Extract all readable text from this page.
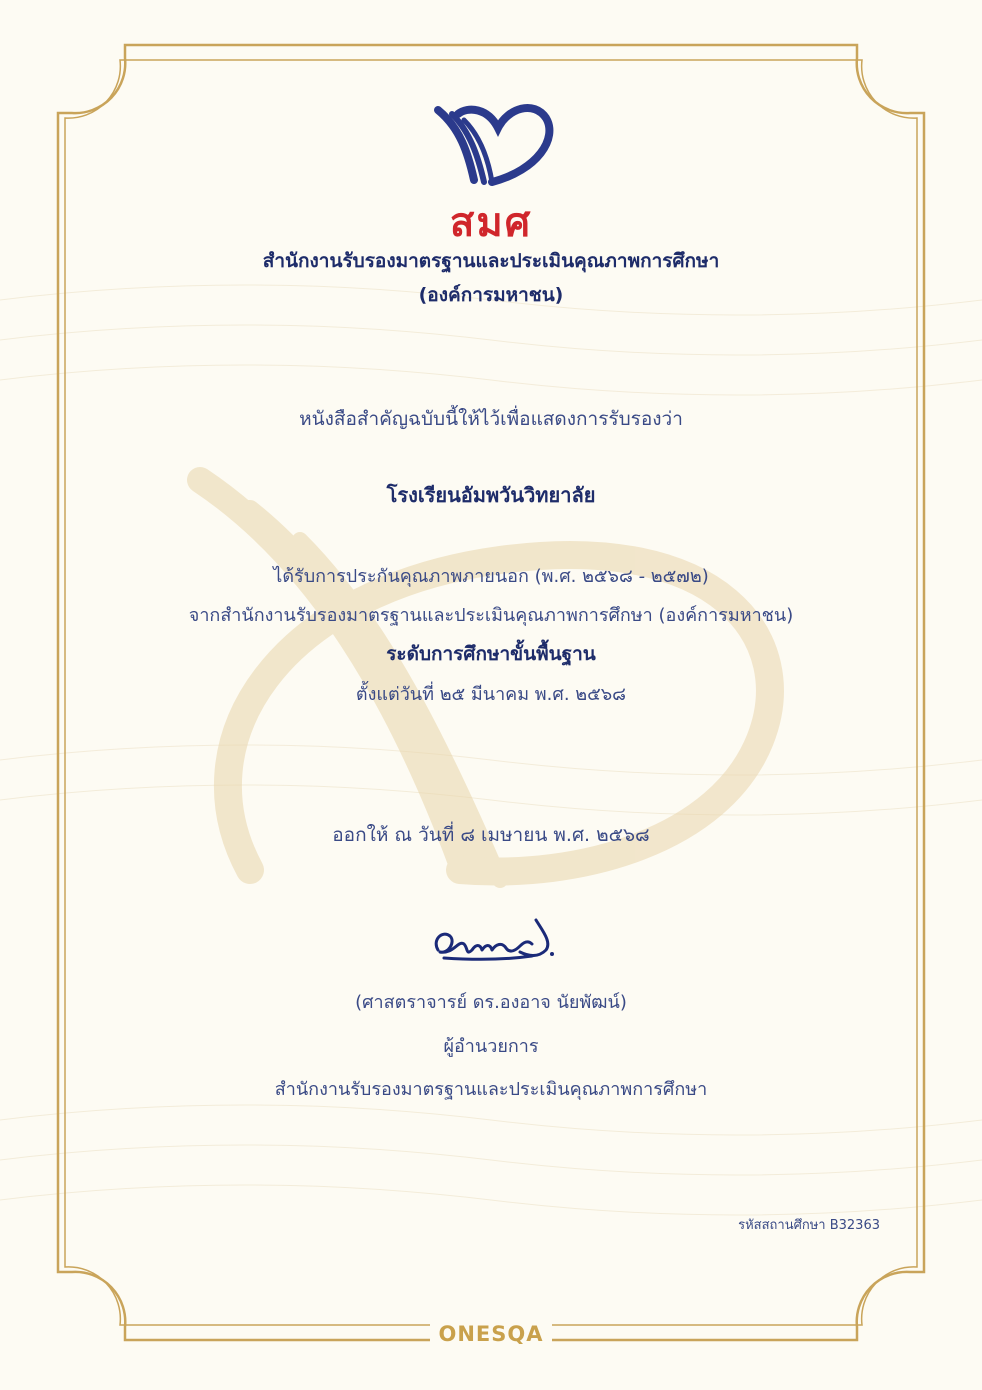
สมศ
สำนักงานรับรองมาตรฐานและประเมินคุณภาพการศึกษา
(องค์การมหาชน)
หนังสือสำคัญฉบับนี้ให้ไว้เพื่อแสดงการรับรองว่า
โรงเรียนอัมพวันวิทยาลัย
ได้รับการประกันคุณภาพภายนอก (พ.ศ. ๒๕๖๘ - ๒๕๗๒)
จากสำนักงานรับรองมาตรฐานและประเมินคุณภาพการศึกษา (องค์การมหาชน)
ระดับการศึกษาขั้นพื้นฐาน
ตั้งแต่วันที่ ๒๕ มีนาคม พ.ศ. ๒๕๖๘
ออกให้ ณ วันที่ ๘ เมษายน พ.ศ. ๒๕๖๘
(ศาสตราจารย์ ดร.องอาจ นัยพัฒน์)
ผู้อำนวยการ
สำนักงานรับรองมาตรฐานและประเมินคุณภาพการศึกษา
รหัสสถานศึกษา B32363
ONESQA
